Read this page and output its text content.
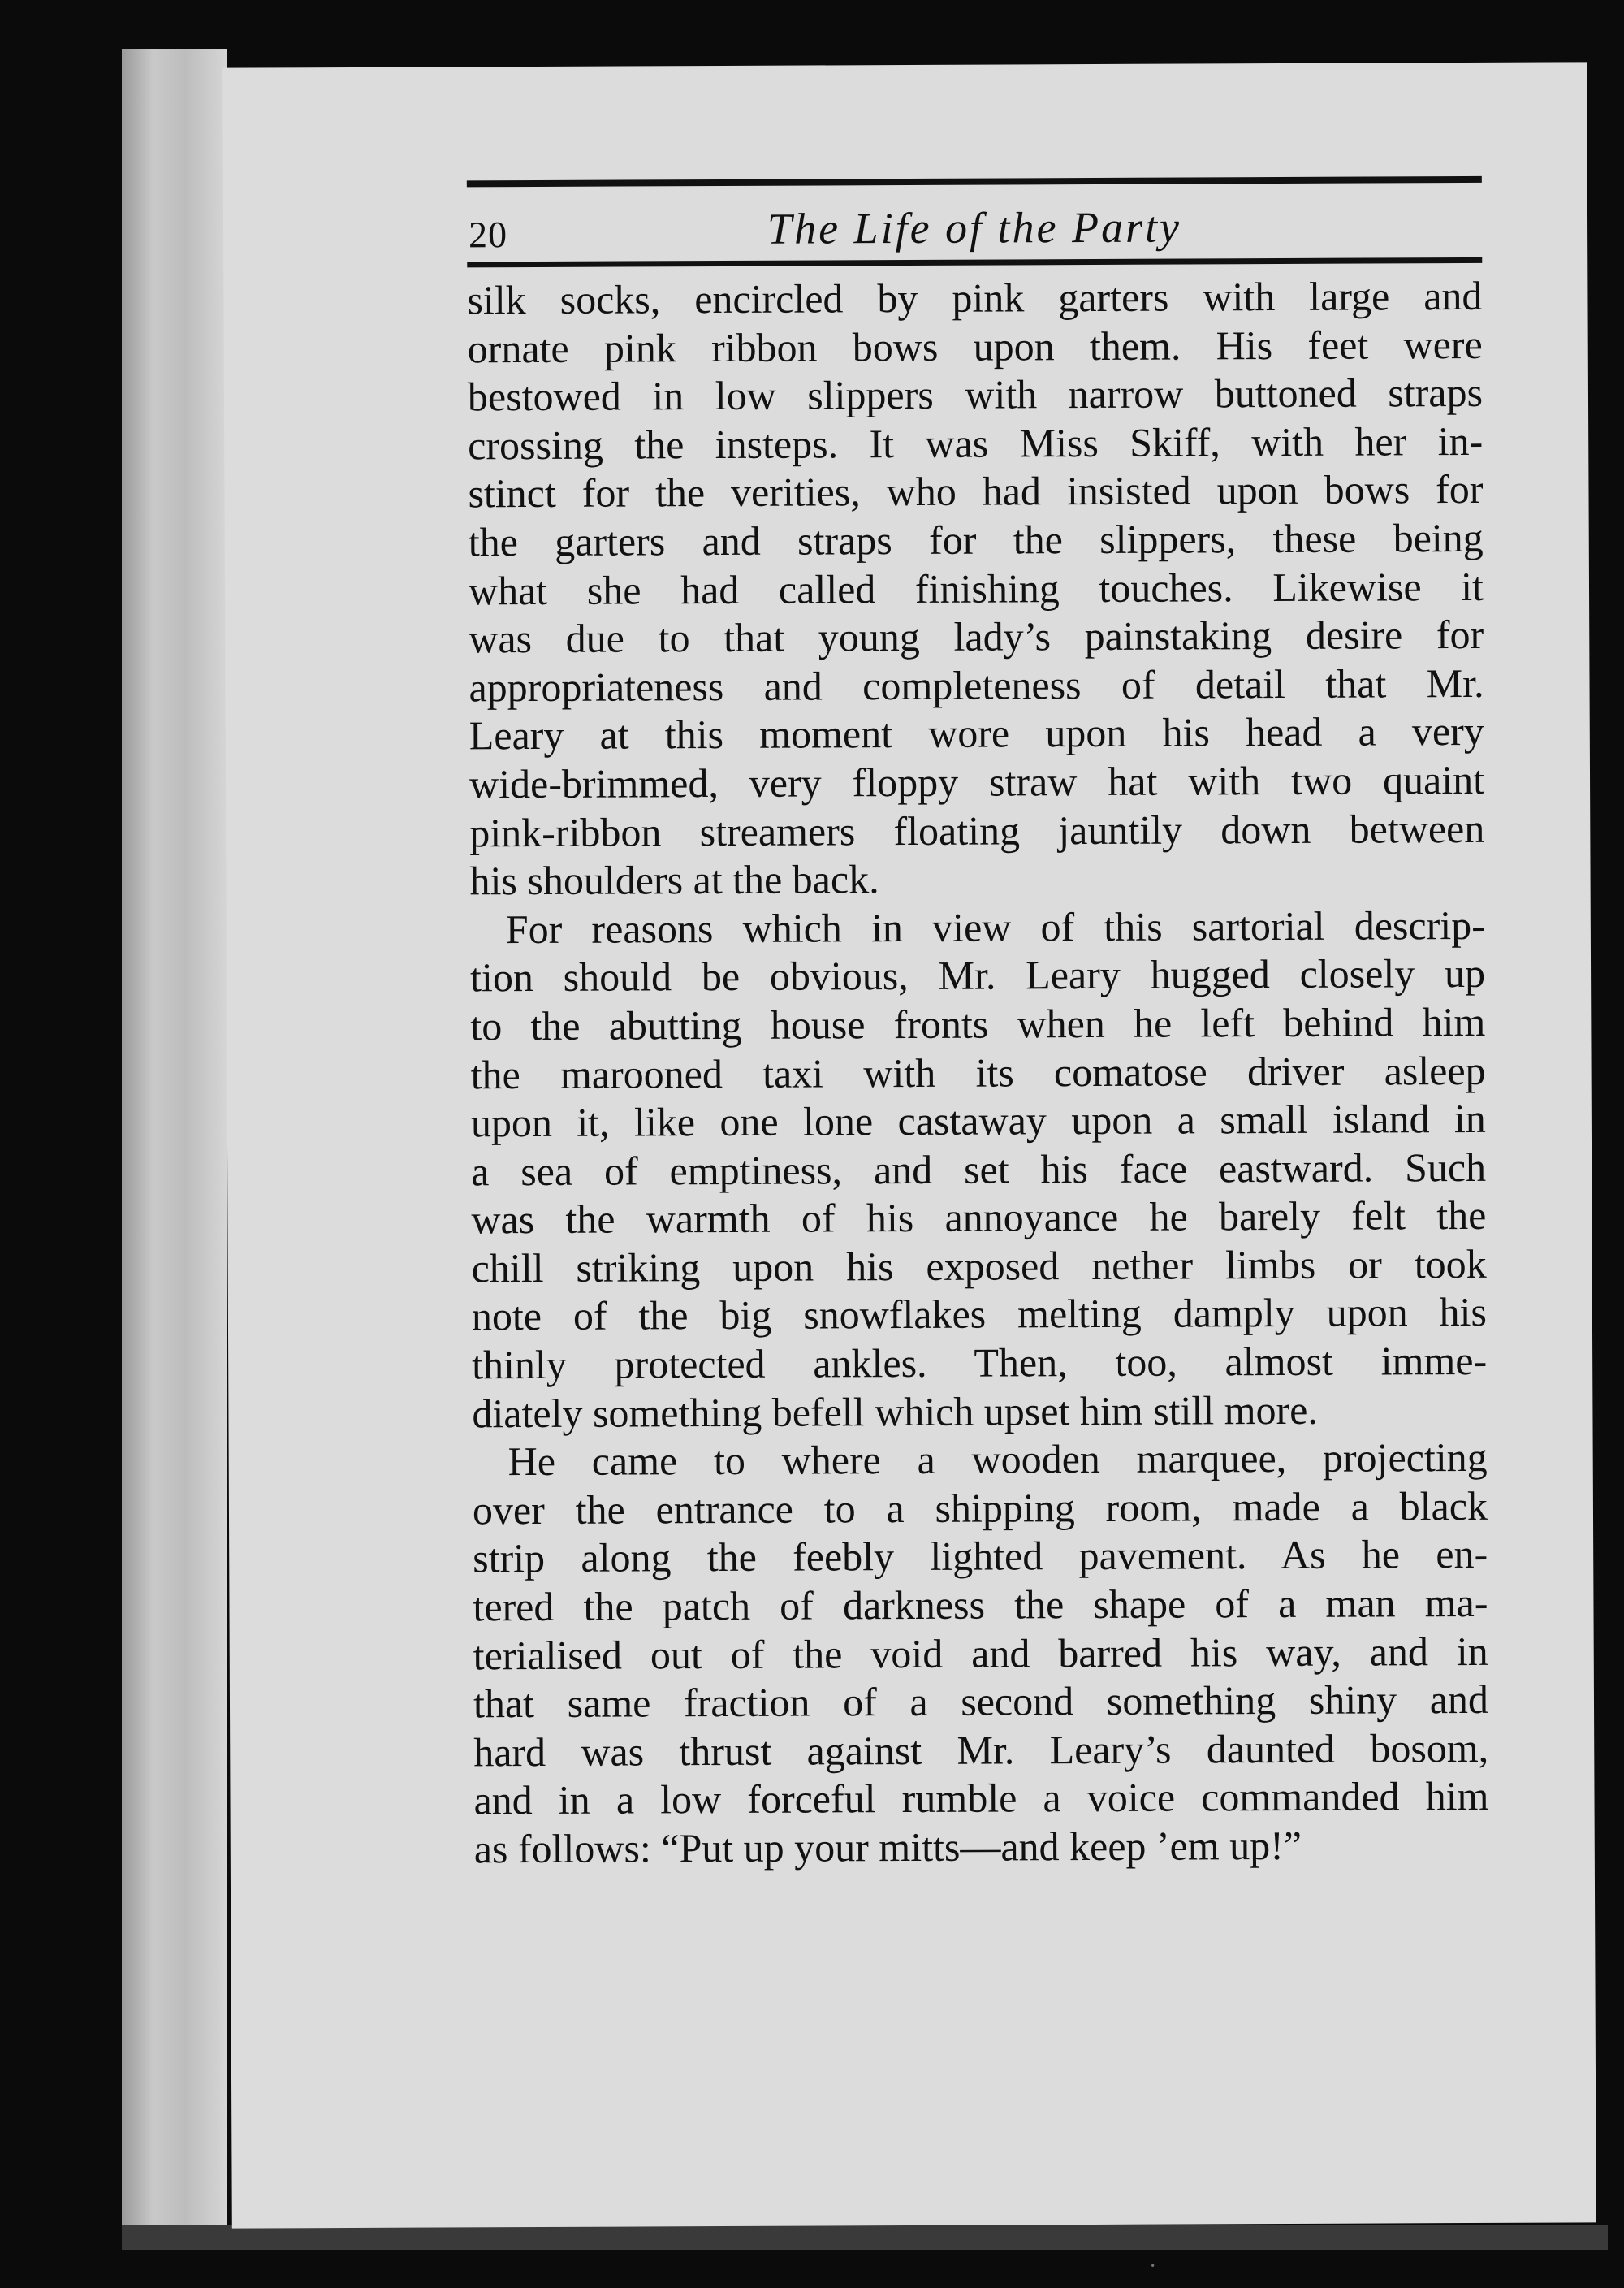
20	The Life of the Party
silk socks, encircled by pink garters with large and
ornate pink ribbon bows upon them. His feet were
bestowed in low slippers with narrow buttoned straps
crossing the insteps. It was Miss Skiff, with her in-
stinct for the verities, who had insisted upon bows for
the garters and straps for the slippers, these being
what she had called finishing touches. Likewise it
was due to that young lady’s painstaking desire for
appropriateness and completeness of detail that Mr.
Leary at this moment wore upon his head a very
wide-brimmed, very floppy straw hat with two quaint
pink-ribbon streamers floating jauntily down between
his shoulders at the back.
For reasons which in view of this sartorial descrip-
tion should be obvious, Mr. Leary hugged closely up
to the abutting house fronts when he left behind him
the marooned taxi with its comatose driver asleep
upon it, like one lone castaway upon a small island in
a sea of emptiness, and set his face eastward. Such
was the warmth of his annoyance he barely felt the
chill striking upon his exposed nether limbs or took
note of the big snowflakes melting damply upon his
thinly protected ankles. Then, too, almost imme-
diately something befell which upset him still more.
He came to where a wooden marquee, projecting
over the entrance to a shipping room, made a black
strip along the feebly lighted pavement. As he en-
tered the patch of darkness the shape of a man ma-
terialised out of the void and barred his way, and in
that same fraction of a second something shiny and
hard was thrust against Mr. Leary’s daunted bosom,
and in a low forceful rumble a voice commanded him
as follows: “Put up your mitts—and keep ’em up!”
·
